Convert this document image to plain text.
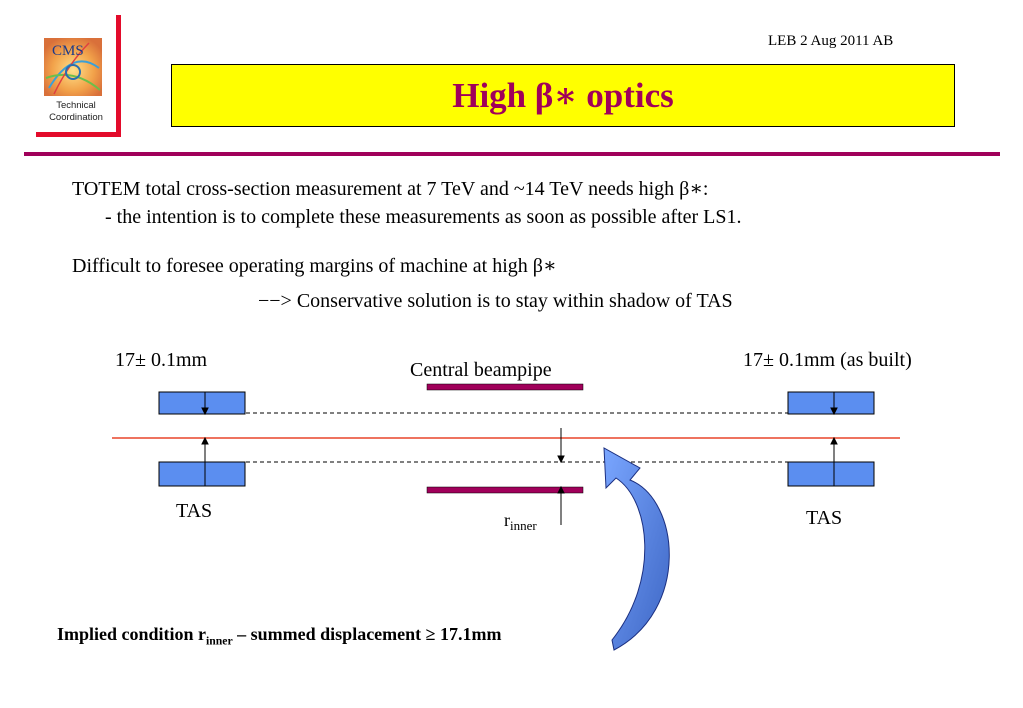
CMS
Technical
Coordination
LEB 2 Aug 2011 AB
High β∗ optics
TOTEM total cross-section measurement at 7 TeV and ~14 TeV needs high β∗:
- the intention is to complete these measurements as soon as possible after LS1.
Difficult to foresee operating margins of machine at high β∗
−−> Conservative solution is to stay within shadow of TAS
17± 0.1mm	17± 0.1mm (as built)
Central beampipe
$r_{inner}$
TAS	TAS
Implied condition $r_{inner}$ – summed displacement ≥ 17.1mm
